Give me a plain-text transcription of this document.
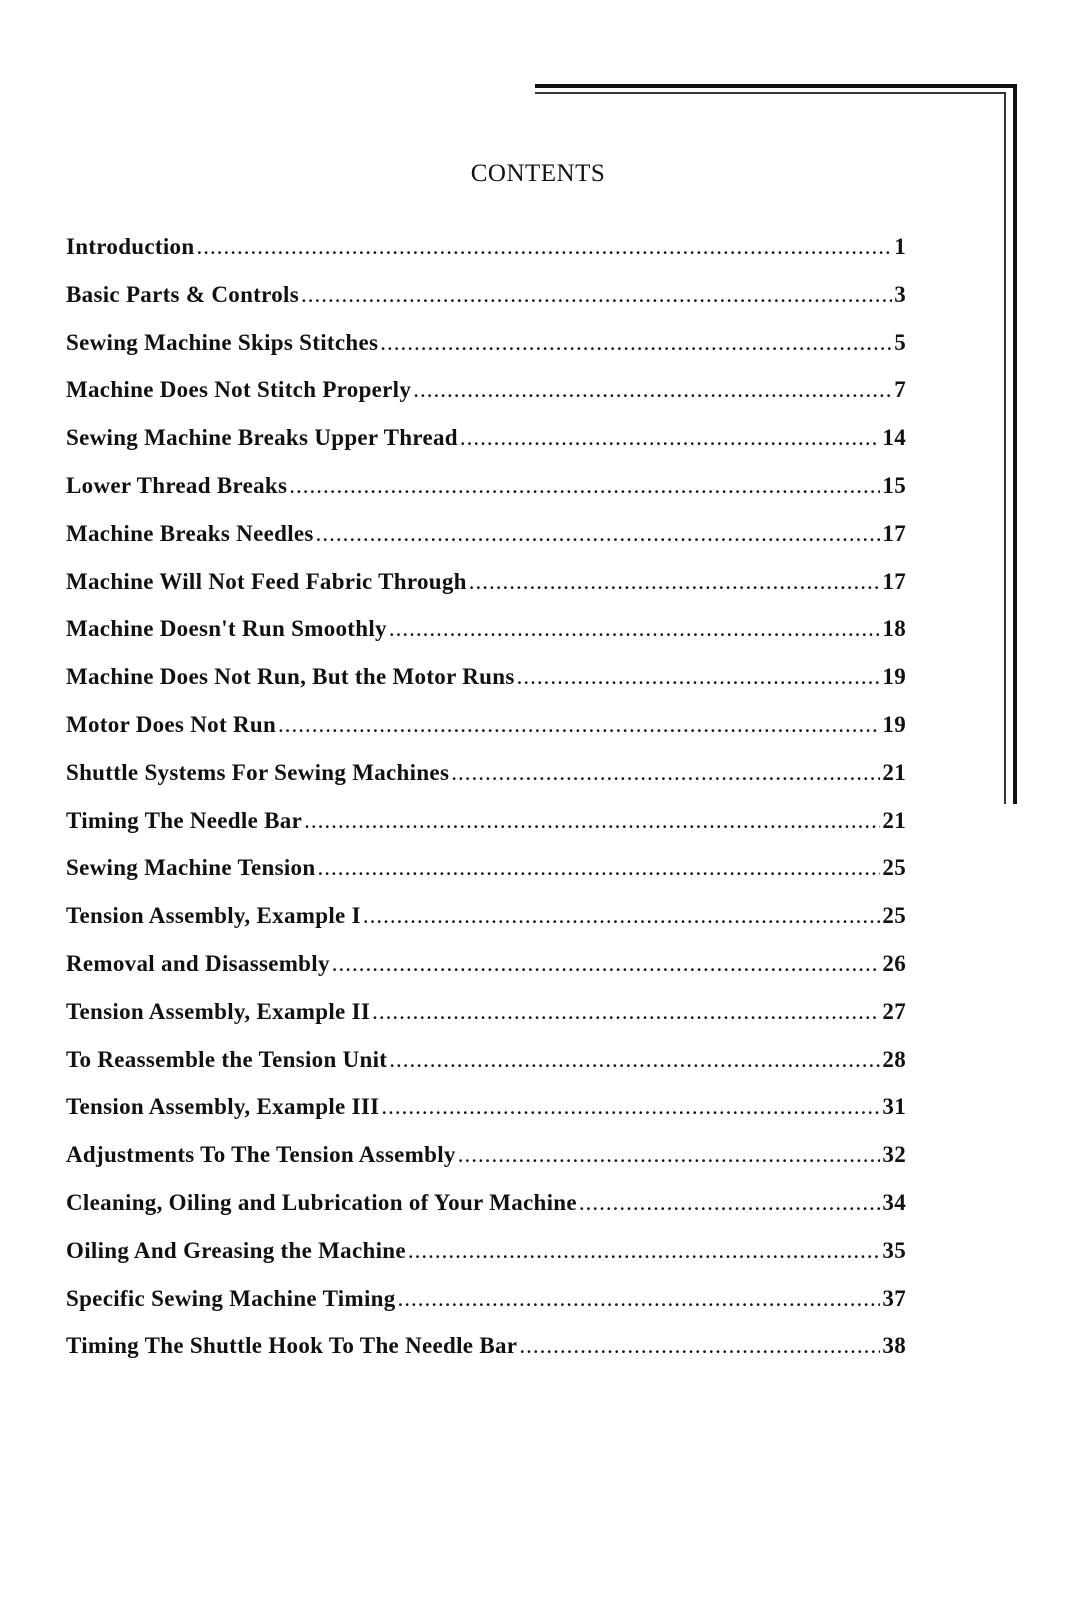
CONTENTS
Introduction .....	1
Basic Parts & Controls .....	3
Sewing Machine Skips Stitches .....	5
Machine Does Not Stitch Properly .....	7
Sewing Machine Breaks Upper Thread .....	14
Lower Thread Breaks .....	15
Machine Breaks Needles .....	17
Machine Will Not Feed Fabric Through .....	17
Machine Doesn't Run Smoothly .....	18
Machine Does Not Run, But the Motor Runs .....	19
Motor Does Not Run .....	19
Shuttle Systems For Sewing Machines .....	21
Timing The Needle Bar .....	21
Sewing Machine Tension .....	25
Tension Assembly, Example I .....	25
Removal and Disassembly .....	26
Tension Assembly, Example II .....	27
To Reassemble the Tension Unit .....	28
Tension Assembly, Example III .....	31
Adjustments To The Tension Assembly .....	32
Cleaning, Oiling and Lubrication of Your Machine .....	34
Oiling And Greasing the Machine .....	35
Specific Sewing Machine Timing .....	37
Timing The Shuttle Hook To The Needle Bar .....	38
